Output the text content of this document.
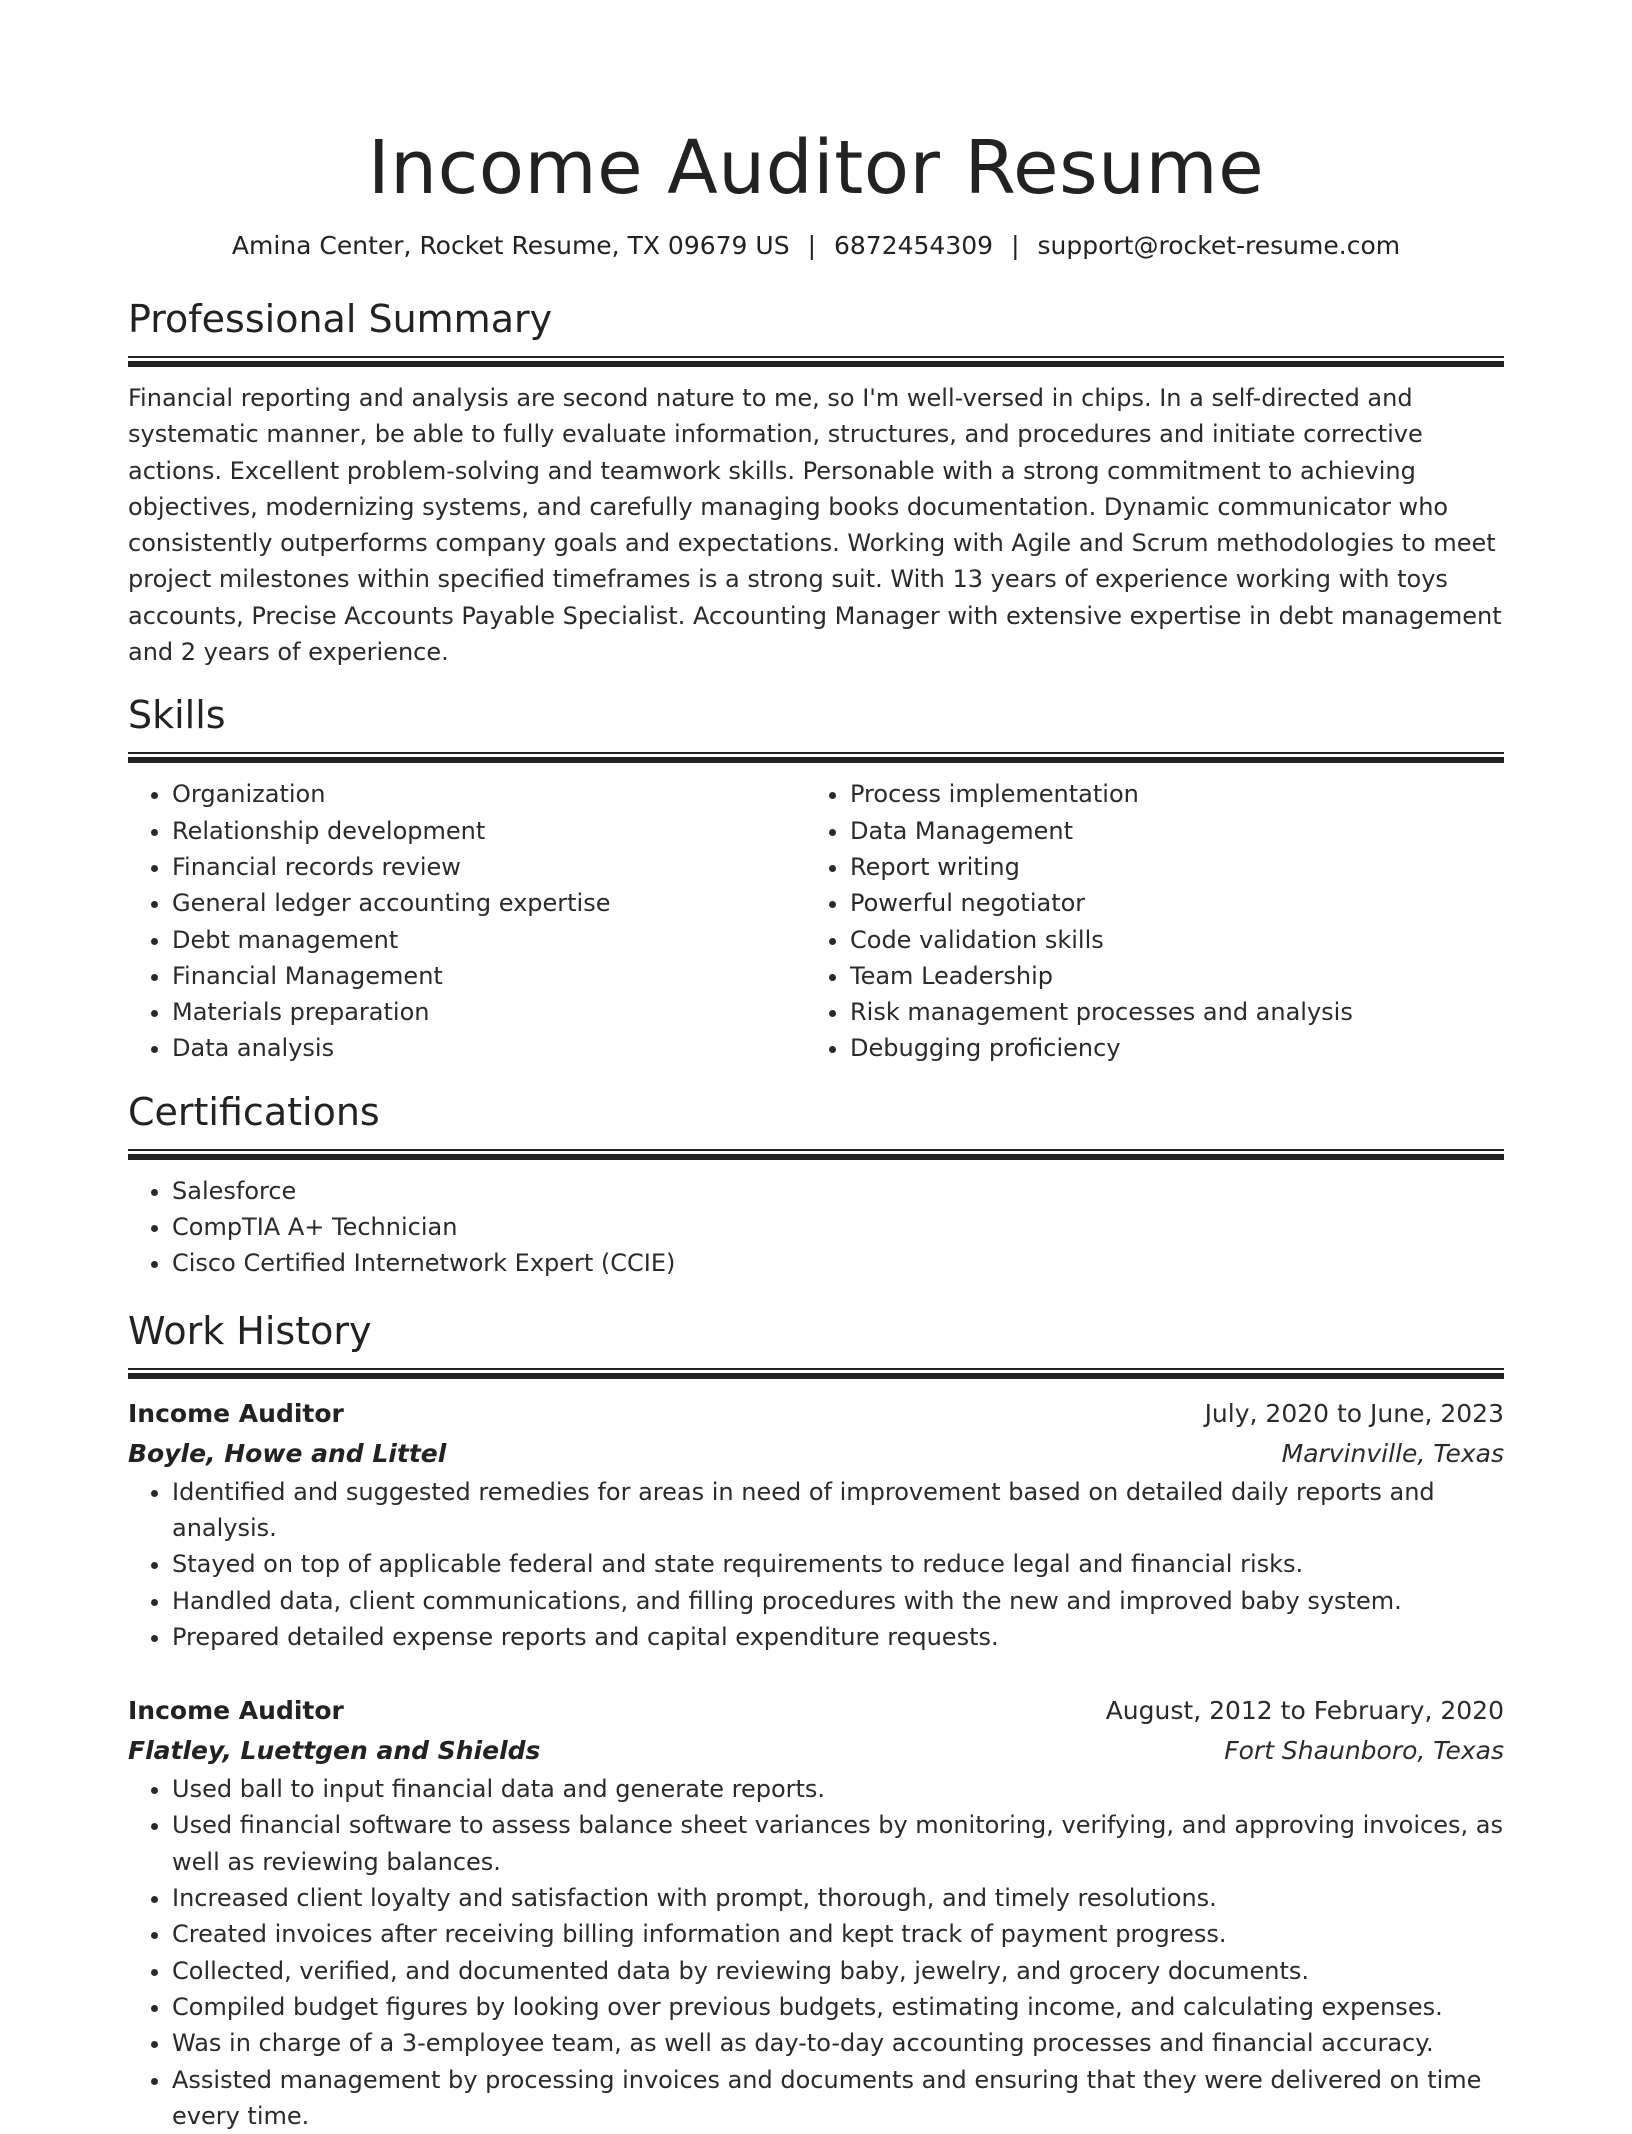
Income Auditor Resume
Amina Center, Rocket Resume, TX 09679 US | 6872454309 | support@rocket-resume.com
Professional Summary
Financial reporting and analysis are second nature to me, so I'm well-versed in chips. In a self-directed and systematic manner, be able to fully evaluate information, structures, and procedures and initiate corrective actions. Excellent problem-solving and teamwork skills. Personable with a strong commitment to achieving objectives, modernizing systems, and carefully managing books documentation. Dynamic communicator who consistently outperforms company goals and expectations. Working with Agile and Scrum methodologies to meet project milestones within specified timeframes is a strong suit. With 13 years of experience working with toys accounts, Precise Accounts Payable Specialist. Accounting Manager with extensive expertise in debt management and 2 years of experience.
Skills
• Organization
• Relationship development
• Financial records review
• General ledger accounting expertise
• Debt management
• Financial Management
• Materials preparation
• Data analysis
• Process implementation
• Data Management
• Report writing
• Powerful negotiator
• Code validation skills
• Team Leadership
• Risk management processes and analysis
• Debugging proficiency
Certifications
• Salesforce
• CompTIA A+ Technician
• Cisco Certified Internetwork Expert (CCIE)
Work History
Income Auditor	July, 2020 to June, 2023
Boyle, Howe and Littel	Marvinville, Texas
• Identified and suggested remedies for areas in need of improvement based on detailed daily reports and analysis.
• Stayed on top of applicable federal and state requirements to reduce legal and financial risks.
• Handled data, client communications, and filling procedures with the new and improved baby system.
• Prepared detailed expense reports and capital expenditure requests.
Income Auditor	August, 2012 to February, 2020
Flatley, Luettgen and Shields	Fort Shaunboro, Texas
• Used ball to input financial data and generate reports.
• Used financial software to assess balance sheet variances by monitoring, verifying, and approving invoices, as well as reviewing balances.
• Increased client loyalty and satisfaction with prompt, thorough, and timely resolutions.
• Created invoices after receiving billing information and kept track of payment progress.
• Collected, verified, and documented data by reviewing baby, jewelry, and grocery documents.
• Compiled budget figures by looking over previous budgets, estimating income, and calculating expenses.
• Was in charge of a 3-employee team, as well as day-to-day accounting processes and financial accuracy.
• Assisted management by processing invoices and documents and ensuring that they were delivered on time every time.
